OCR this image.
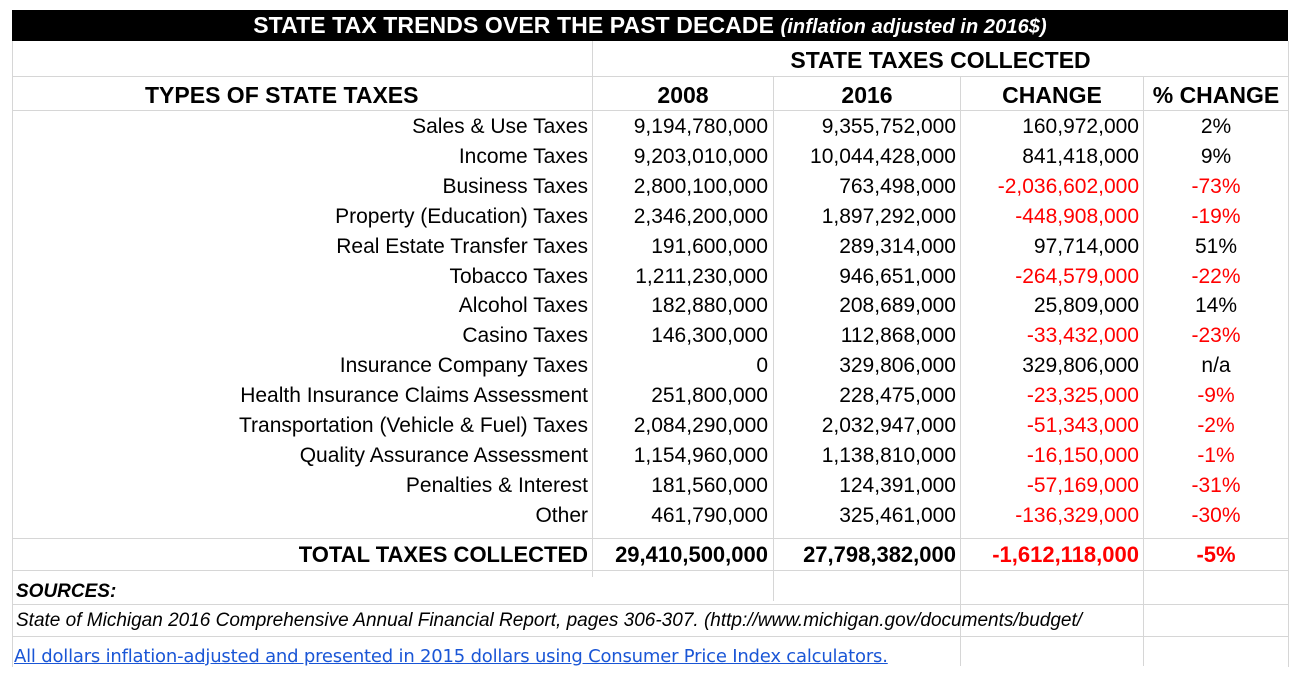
STATE TAX TRENDS OVER THE PAST DECADE (inflation adjusted in 2016$)
STATE TAXES COLLECTED
TYPES OF STATE TAXES	2008	2016	CHANGE	% CHANGE
Sales & Use Taxes	9,194,780,000	9,355,752,000	160,972,000	2%
Income Taxes	9,203,010,000	10,044,428,000	841,418,000	9%
Business Taxes	2,800,100,000	763,498,000	-2,036,602,000	-73%
Property (Education) Taxes	2,346,200,000	1,897,292,000	-448,908,000	-19%
Real Estate Transfer Taxes	191,600,000	289,314,000	97,714,000	51%
Tobacco Taxes	1,211,230,000	946,651,000	-264,579,000	-22%
Alcohol Taxes	182,880,000	208,689,000	25,809,000	14%
Casino Taxes	146,300,000	112,868,000	-33,432,000	-23%
Insurance Company Taxes	0	329,806,000	329,806,000	n/a
Health Insurance Claims Assessment	251,800,000	228,475,000	-23,325,000	-9%
Transportation (Vehicle & Fuel) Taxes	2,084,290,000	2,032,947,000	-51,343,000	-2%
Quality Assurance Assessment	1,154,960,000	1,138,810,000	-16,150,000	-1%
Penalties & Interest	181,560,000	124,391,000	-57,169,000	-31%
Other	461,790,000	325,461,000	-136,329,000	-30%
TOTAL TAXES COLLECTED	29,410,500,000	27,798,382,000	-1,612,118,000	-5%
SOURCES:
State of Michigan 2016 Comprehensive Annual Financial Report, pages 306-307. (http://www.michigan.gov/documents/budget/
All dollars inflation-adjusted and presented in 2015 dollars using Consumer Price Index calculators.
